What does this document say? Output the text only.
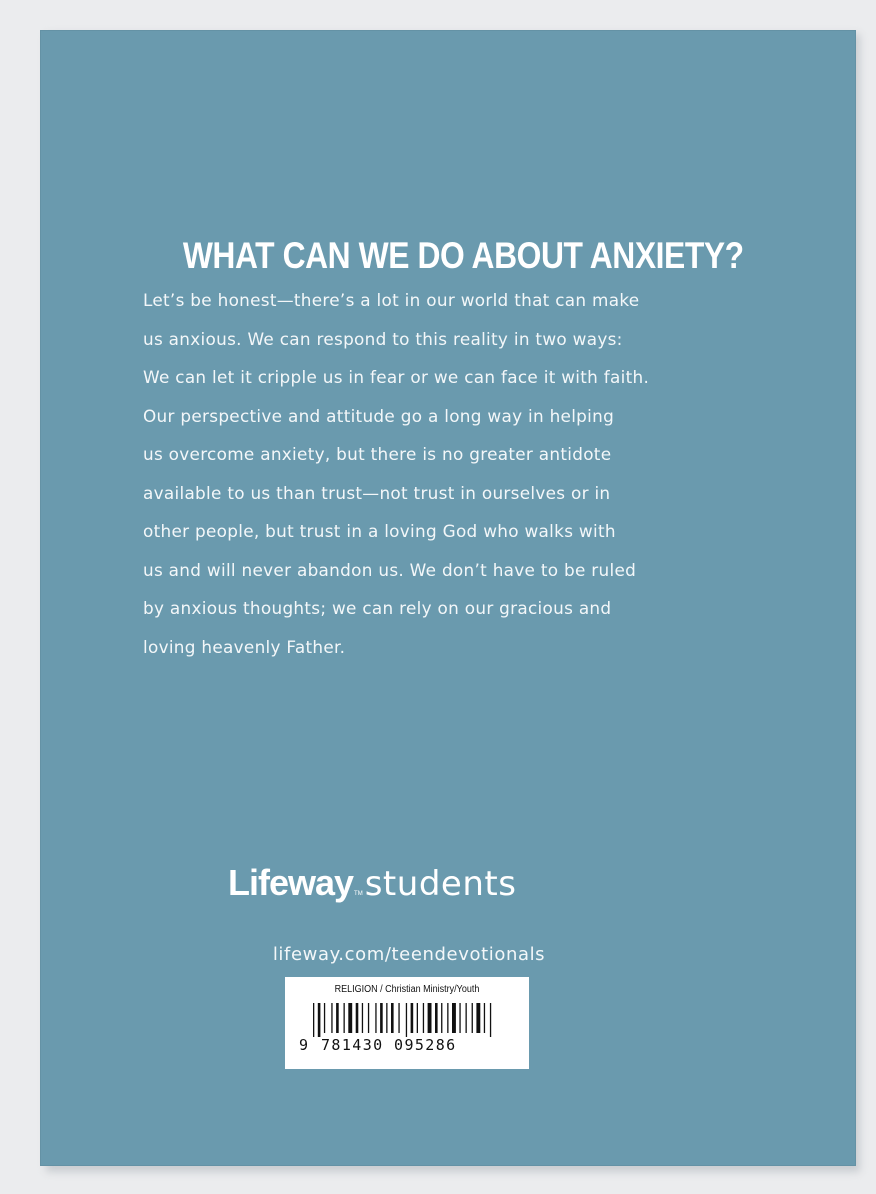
WHAT CAN WE DO ABOUT ANXIETY?
Let’s be honest—there’s a lot in our world that can make
us anxious. We can respond to this reality in two ways:
We can let it cripple us in fear or we can face it with faith.
Our perspective and attitude go a long way in helping
us overcome anxiety, but there is no greater antidote
available to us than trust—not trust in ourselves or in
other people, but trust in a loving God who walks with
us and will never abandon us. We don’t have to be ruled
by anxious thoughts; we can rely on our gracious and
loving heavenly Father.
LifewayTMstudents
lifeway.com/teendevotionals
RELIGION / Christian Ministry/Youth
9 781430 095286
